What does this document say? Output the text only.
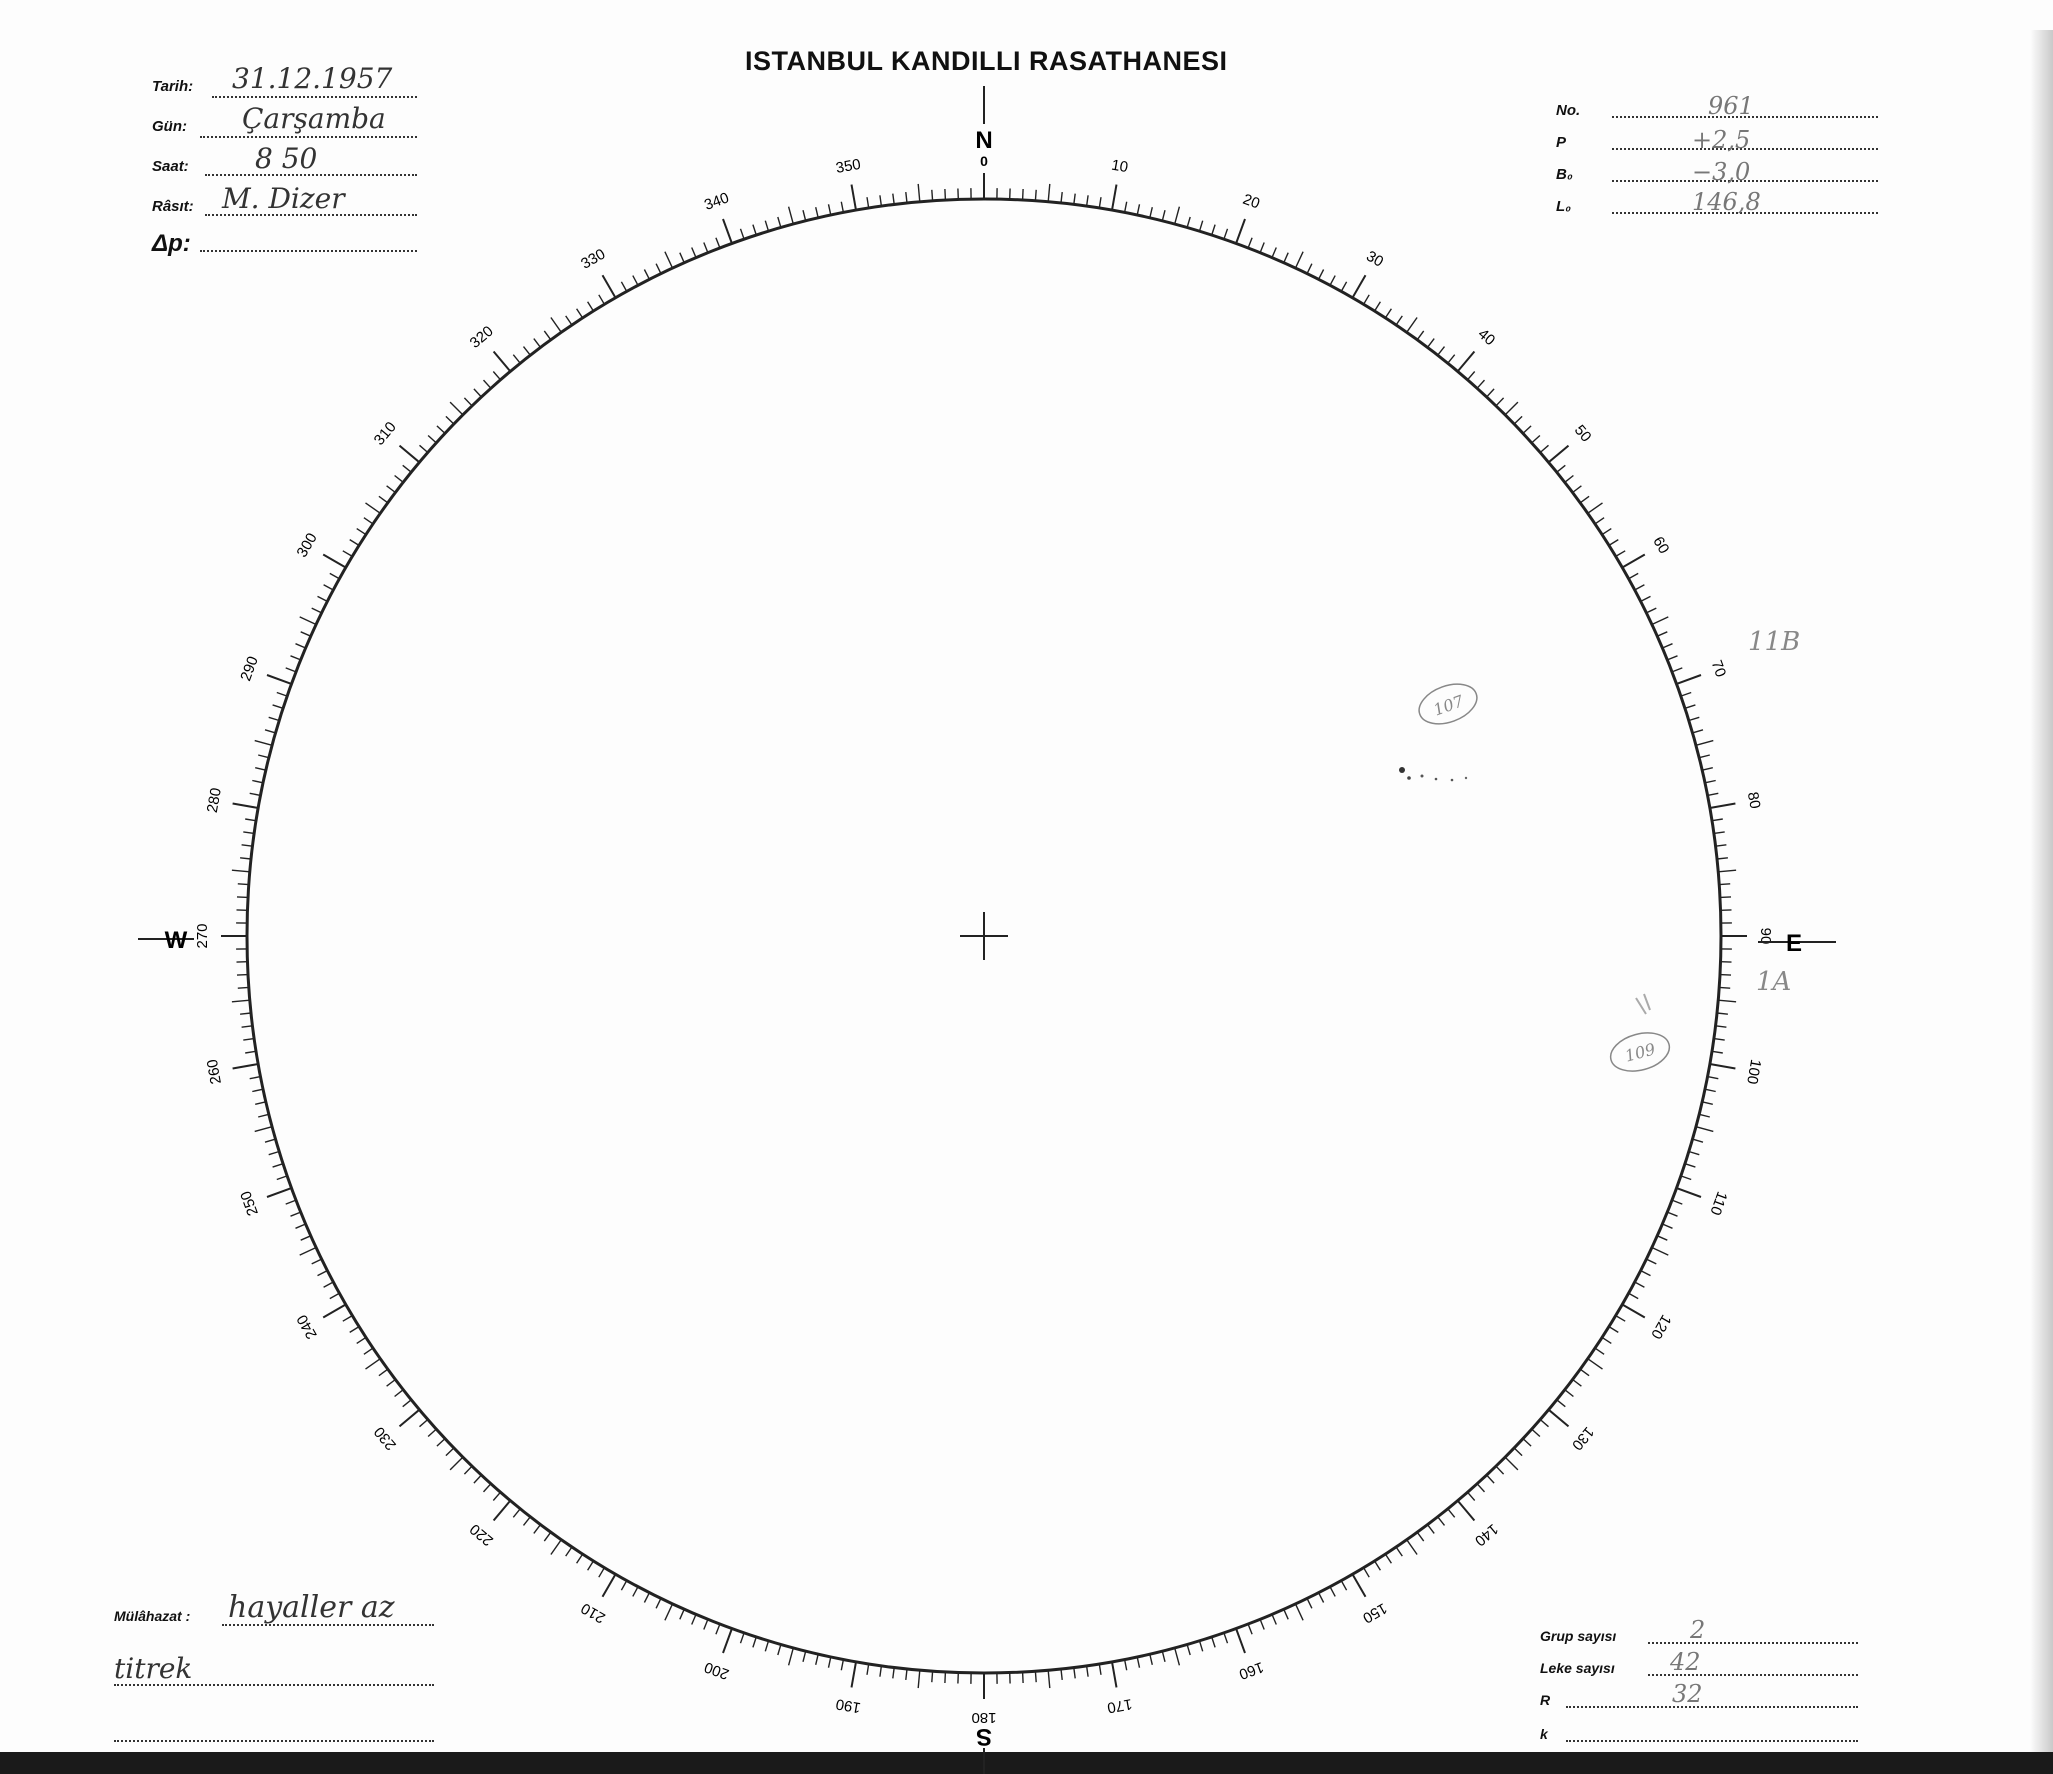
ISTANBUL KANDILLI RASATHANESI
Tarih: 31.12.1957
Gün: Çarşamba
Saat: 8 50
Râsıt: M. Dizer
Δp:
No.	961
P	+2,5
B₀	−3,0
L₀	146,8
Mülâhazat : hayaller az
titrek
Grup sayısı	2
Leke sayısı 42
R	32
k
10
20
30
40
50
60
70
80
90
100
110
120
130
140
150
160
170
180
190
200
210
220
230
240
250
260
270
280
290
300
310
320
330
340
350
N
0
S
E
W
107
109
11B
1A
